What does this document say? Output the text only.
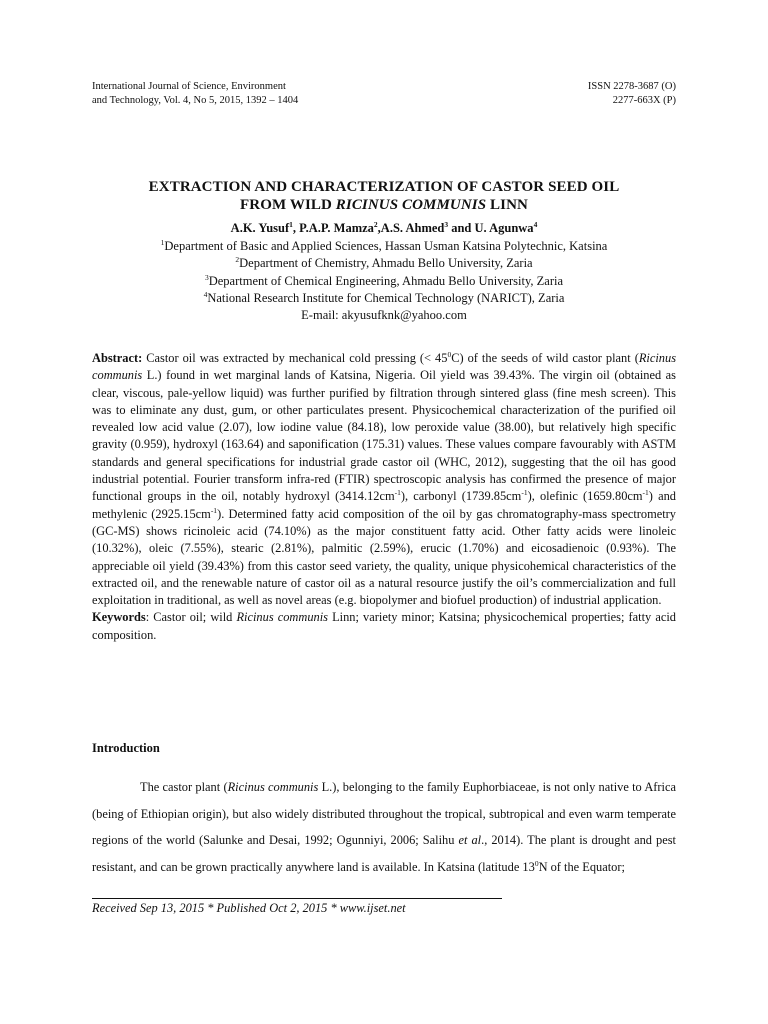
International Journal of Science, Environment
and Technology, Vol. 4, No 5, 2015, 1392 – 1404
ISSN 2278-3687 (O)
2277-663X (P)
EXTRACTION AND CHARACTERIZATION OF CASTOR SEED OIL
FROM WILD RICINUS COMMUNIS LINN
A.K. Yusuf$^1$, P.A.P. Mamza$^2$,A.S. Ahmed$^3$ and U. Agunwa$^4$
$^1$Department of Basic and Applied Sciences, Hassan Usman Katsina Polytechnic, Katsina
$^2$Department of Chemistry, Ahmadu Bello University, Zaria
$^3$Department of Chemical Engineering, Ahmadu Bello University, Zaria
$^4$National Research Institute for Chemical Technology (NARICT), Zaria
E-mail: akyusufknk@yahoo.com

Abstract: Castor oil was extracted by mechanical cold pressing (< $45^0C$) of the seeds of wild castor plant (Ricinus communis L.) found in wet marginal lands of Katsina, Nigeria. Oil yield was 39.43%. The virgin oil (obtained as clear, viscous, pale-yellow liquid) was further purified by filtration through sintered glass (fine mesh screen). This was to eliminate any dust, gum, or other particulates present. Physicochemical characterization of the purified oil revealed low acid value (2.07), low iodine value (84.18), low peroxide value (38.00), but relatively high specific gravity (0.959), hydroxyl (163.64) and saponification (175.31) values. These values compare favourably with ASTM standards and general specifications for industrial grade castor oil (WHC, 2012), suggesting that the oil has good industrial potential. Fourier transform infra-red (FTIR) spectroscopic analysis has confirmed the presence of major functional groups in the oil, notably hydroxyl $(3414.12cm^{-1})$, carbonyl $(1739.85cm^{-1})$, olefinic $(1659.80cm^{-1})$ and methylenic $(2925.15cm^{-1})$. Determined fatty acid composition of the oil by gas chromatography-mass spectrometry (GC-MS) shows ricinoleic acid (74.10%) as the major constituent fatty acid. Other fatty acids were linoleic (10.32%), oleic (7.55%), stearic (2.81%), palmitic (2.59%), erucic (1.70%) and eicosadienoic (0.93%). The appreciable oil yield (39.43%) from this castor seed variety, the quality, unique physicohemical characteristics of the extracted oil, and the renewable nature of castor oil as a natural resource justify the oil’s commercialization and full exploitation in traditional, as well as novel areas (e.g. biopolymer and biofuel production) of industrial application.

Keywords: Castor oil; wild Ricinus communis Linn; variety minor; Katsina; physicochemical properties; fatty acid composition.

Introduction

The castor plant (Ricinus communis L.), belonging to the family Euphorbiaceae, is not only native to Africa (being of Ethiopian origin), but also widely distributed throughout the tropical, subtropical and even warm temperate regions of the world (Salunke and Desai, 1992; Ogunniyi, 2006; Salihu et al., 2014). The plant is drought and pest resistant, and can be grown practically anywhere land is available. In Katsina (latitude $13^0N$ of the Equator;

Received Sep 13, 2015 * Published Oct 2, 2015 * www.ijset.net
